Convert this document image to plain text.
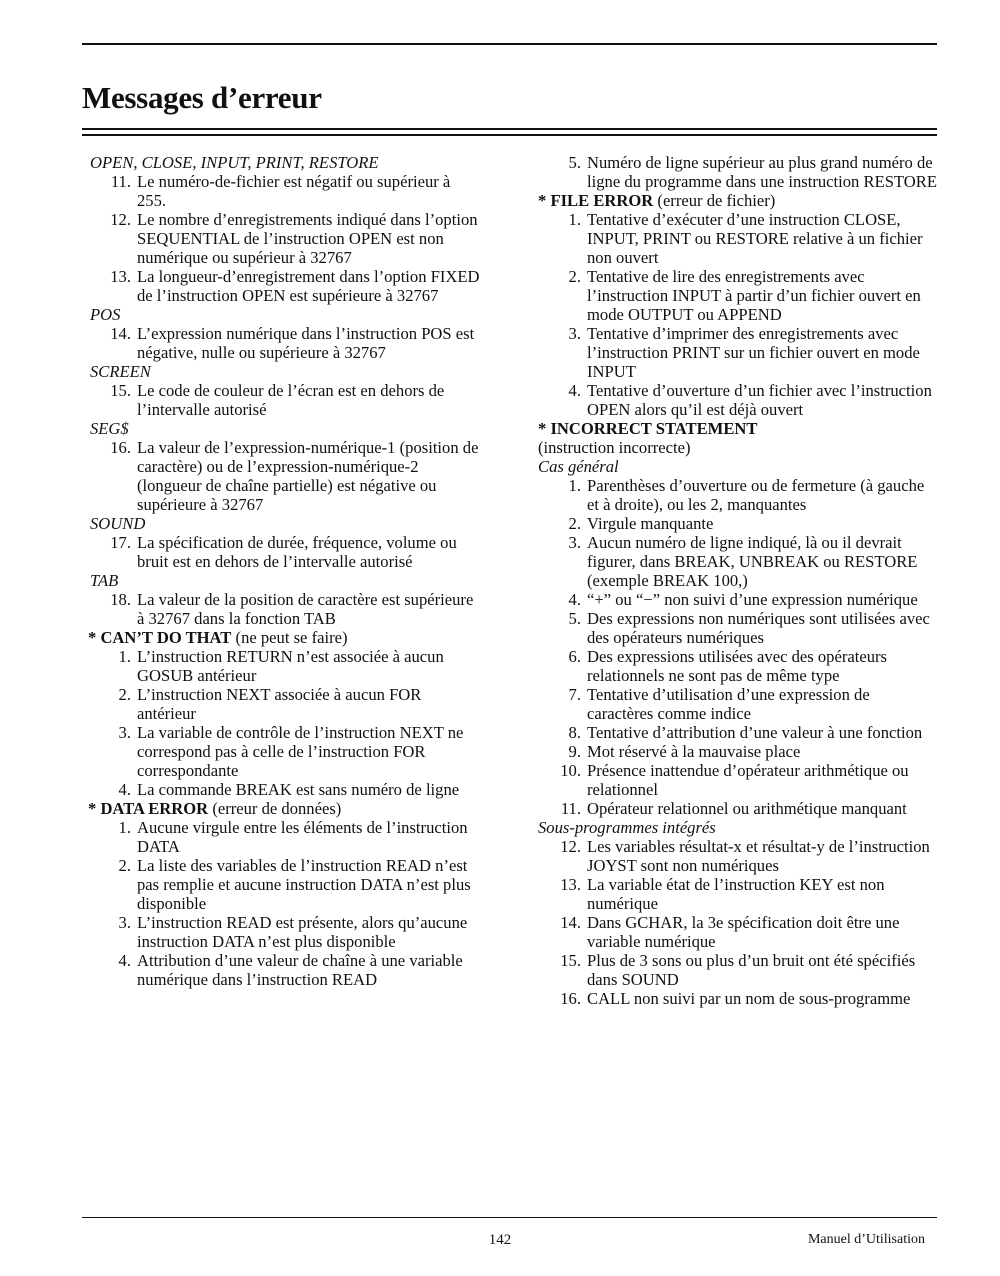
Messages d’erreur

OPEN, CLOSE, INPUT, PRINT, RESTORE

11. Le numéro-de-fichier est négatif ou supérieur à 255.
12. Le nombre d’enregistrements indiqué dans l’option SEQUENTIAL de l’instruction OPEN est non numérique ou supérieur à 32767
13. La longueur-d’enregistrement dans l’option FIXED de l’instruction OPEN est supérieure à 32767

POS

14. L’expression numérique dans l’instruction POS est négative, nulle ou supérieure à 32767

SCREEN

15. Le code de couleur de l’écran est en dehors de l’intervalle autorisé

SEG$

16. La valeur de l’expression-numérique-1 (position de caractère) ou de l’expression-numérique-2 (longueur de chaîne partielle) est négative ou supérieure à 32767

SOUND

17. La spécification de durée, fréquence, volume ou bruit est en dehors de l’intervalle autorisé

TAB

18. La valeur de la position de caractère est supérieure à 32767 dans la fonction TAB

* CAN’T DO THAT (ne peut se faire)

1. L’instruction RETURN n’est associée à aucun GOSUB antérieur
2. L’instruction NEXT associée à aucun FOR antérieur
3. La variable de contrôle de l’instruction NEXT ne correspond pas à celle de l’instruction FOR correspondante
4. La commande BREAK est sans numéro de ligne

* DATA ERROR (erreur de données)

1. Aucune virgule entre les éléments de l’instruction DATA
2. La liste des variables de l’instruction READ n’est pas remplie et aucune instruction DATA n’est plus disponible
3. L’instruction READ est présente, alors qu’aucune instruction DATA n’est plus disponible
4. Attribution d’une valeur de chaîne à une variable numérique dans l’instruction READ
5. Numéro de ligne supérieur au plus grand numéro de ligne du programme dans une instruction RESTORE

* FILE ERROR (erreur de fichier)

1. Tentative d’exécuter d’une instruction CLOSE, INPUT, PRINT ou RESTORE relative à un fichier non ouvert
2. Tentative de lire des enregistrements avec l’instruction INPUT à partir d’un fichier ouvert en mode OUTPUT ou APPEND
3. Tentative d’imprimer des enregistrements avec l’instruction PRINT sur un fichier ouvert en mode INPUT
4. Tentative d’ouverture d’un fichier avec l’instruction OPEN alors qu’il est déjà ouvert

* INCORRECT STATEMENT

(instruction incorrecte)

Cas général

1. Parenthèses d’ouverture ou de fermeture (à gauche et à droite), ou les 2, manquantes
2. Virgule manquante
3. Aucun numéro de ligne indiqué, là ou il devrait figurer, dans BREAK, UNBREAK ou RESTORE (exemple BREAK 100,)
4. “+” ou “−” non suivi d’une expression numérique
5. Des expressions non numériques sont utilisées avec des opérateurs numériques
6. Des expressions utilisées avec des opérateurs relationnels ne sont pas de même type
7. Tentative d’utilisation d’une expression de caractères comme indice
8. Tentative d’attribution d’une valeur à une fonction
9. Mot réservé à la mauvaise place
10. Présence inattendue d’opérateur arithmétique ou relationnel
11. Opérateur relationnel ou arithmétique manquant

Sous-programmes intégrés

12. Les variables résultat-x et résultat-y de l’instruction JOYST sont non numériques
13. La variable état de l’instruction KEY est non numérique
14. Dans GCHAR, la 3e spécification doit être une variable numérique
15. Plus de 3 sons ou plus d’un bruit ont été spécifiés dans SOUND
16. CALL non suivi par un nom de sous-programme
142	Manuel d’Utilisation
